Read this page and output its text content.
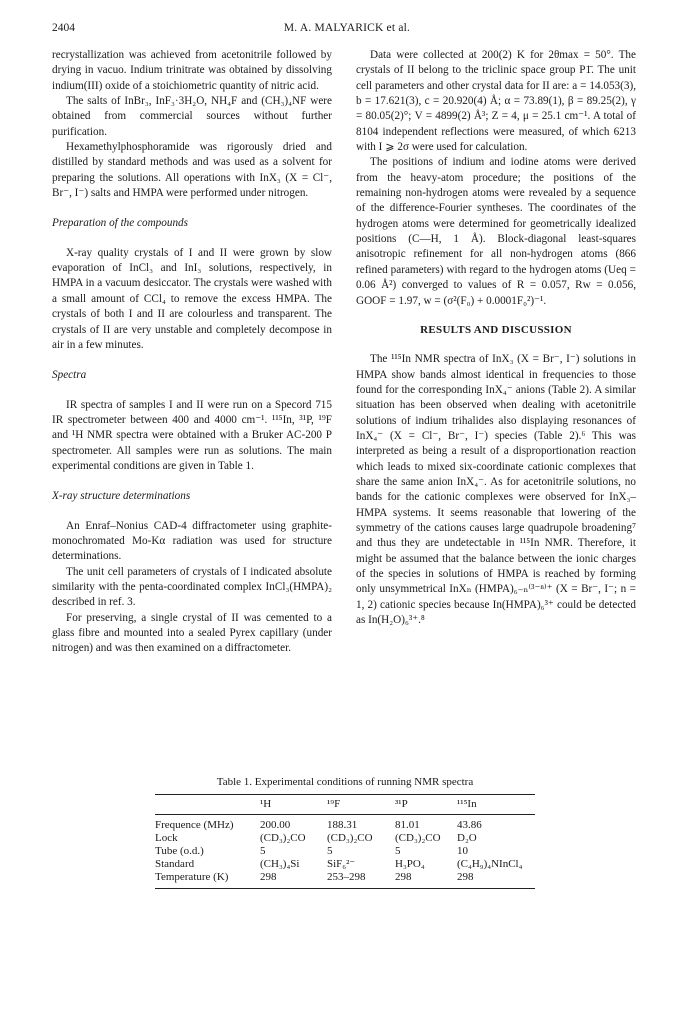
2404	M. A. MALYARICK et al.

recrystallization was achieved from acetonitrile followed by drying in vacuo. Indium trinitrate was obtained by dissolving indium(III) oxide of a stoichiometric quantity of nitric acid.

The salts of InBr₃, InF₃·3H₂O, NH₄F and (CH₃)₄NF were obtained from commercial sources without further purification.

Hexamethylphosphoramide was rigorously dried and distilled by standard methods and was used as a solvent for preparing the solutions. All operations with InX₃ (X = Cl⁻, Br⁻, I⁻) salts and HMPA were performed under nitrogen.

Preparation of the compounds

X-ray quality crystals of I and II were grown by slow evaporation of InCl₃ and InI₃ solutions, respectively, in HMPA in a vacuum desiccator. The crystals were washed with a small amount of CCl₄ to remove the excess HMPA. The crystals of both I and II are colourless and transparent. The crystals of II are very unstable and completely decompose in air in a few minutes.

Spectra

IR spectra of samples I and II were run on a Specord 715 IR spectrometer between 400 and 4000 cm⁻¹. ¹¹⁵In, ³¹P, ¹⁹F and ¹H NMR spectra were obtained with a Bruker AC-200 P spectrometer. All samples were run as solutions. The main experimental conditions are given in Table 1.

X-ray structure determinations

An Enraf–Nonius CAD-4 diffractometer using graphite-monochromated Mo-Kα radiation was used for structure determinations.

The unit cell parameters of crystals of I indicated absolute similarity with the penta-coordinated complex InCl₃(HMPA)₂ described in ref. 3.

For preserving, a single crystal of II was cemented to a glass fibre and mounted into a sealed Pyrex capillary (under nitrogen) and was then examined on a diffractometer.

Data were collected at 200(2) K for 2θmax = 50°. The crystals of II belong to the triclinic space group P1̄. The unit cell parameters and other crystal data for II are: a = 14.053(3), b = 17.621(3), c = 20.920(4) Å; α = 73.89(1), β = 89.25(2), γ = 80.05(2)°; V = 4899(2) Å³; Z = 4, μ = 25.1 cm⁻¹. A total of 8104 independent reflections were measured, of which 6213 with I ⩾ 2σ were used for calculation.

The positions of indium and iodine atoms were derived from the heavy-atom procedure; the positions of the remaining non-hydrogen atoms were revealed by a sequence of the difference-Fourier syntheses. The coordinates of the hydrogen atoms were determined for geometrically idealized positions (C—H, 1 Å). Block-diagonal least-squares anisotropic refinement for all non-hydrogen atoms (866 refined parameters) with regard to the hydrogen atoms (Ueq = 0.06 Å²) converged to values of R = 0.057, Rw = 0.056, GOOF = 1.97, w = (σ²(F₀) + 0.0001F₀²)⁻¹.

RESULTS AND DISCUSSION

The ¹¹⁵In NMR spectra of InX₃ (X = Br⁻, I⁻) solutions in HMPA show bands almost identical in frequencies to those found for the corresponding InX₄⁻ anions (Table 2). A similar situation has been observed when dealing with acetonitrile solutions of indium trihalides also displaying resonances of InX₄⁻ (X = Cl⁻, Br⁻, I⁻) species (Table 2).⁶ This was interpreted as being a result of a disproportionation reaction which leads to mixed six-coordinate cationic complexes that share the same anion InX₄⁻. As for acetonitrile solutions, no bands for the cationic complexes were observed for InX₃–HMPA systems. It seems reasonable that lowering of the symmetry of the cations causes large quadrupole broadening⁷ and thus they are undetectable in ¹¹⁵In NMR. Therefore, it might be assumed that the balance between the ionic charges of the species in solutions of HMPA is reached by forming only unsymmetrical InXₙ (HMPA)₆₋ₙ⁽³⁻ⁿ⁾⁺ (X = Br⁻, I⁻; n = 1, 2) cationic species because In(HMPA)₆³⁺ could be detected as In(H₂O)₆³⁺.⁸

Table 1. Experimental conditions of running NMR spectra
	¹H	¹⁹F	³¹P	¹¹⁵In
Frequence (MHz)	200.00	188.31	81.01	43.86
Lock	(CD₃)₂CO	(CD₃)₂CO	(CD₃)₂CO	D₂O
Tube (o.d.)	5	5	5	10
Standard	(CH₃)₄Si	SiF₆²⁻	H₃PO₄	(C₄H₉)₄NInCl₄
Temperature (K)	298	253–298	298	298
